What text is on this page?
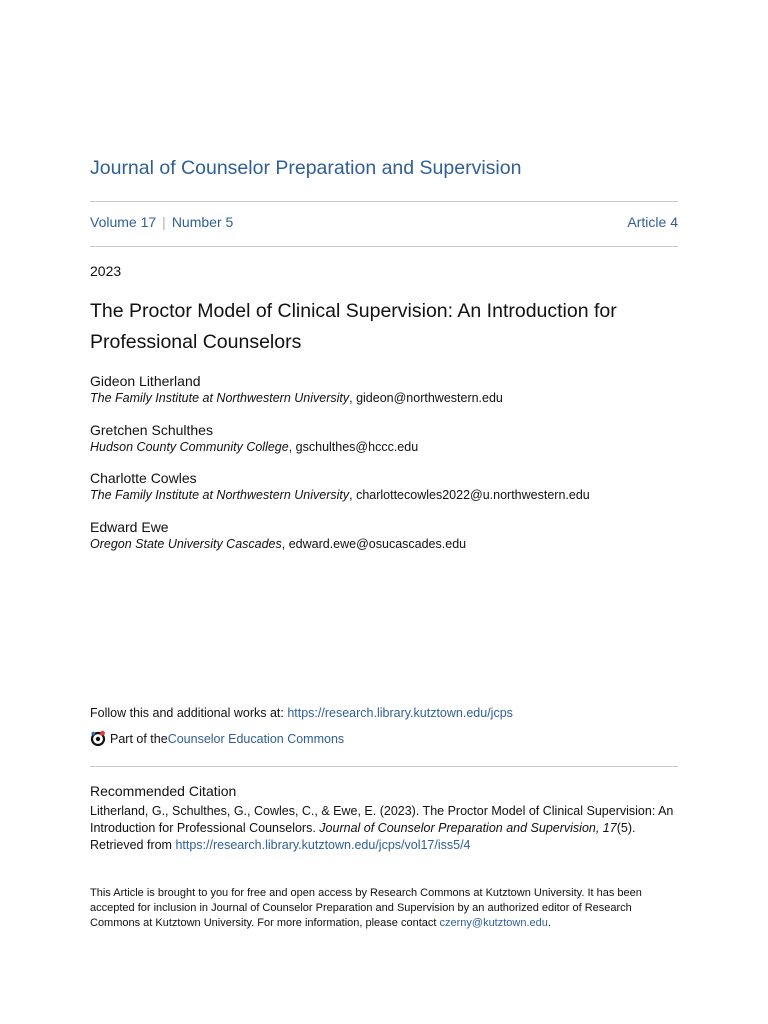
Journal of Counselor Preparation and Supervision
Volume 17 | Number 5	Article 4
2023
The Proctor Model of Clinical Supervision: An Introduction for Professional Counselors
Gideon Litherland
The Family Institute at Northwestern University, gideon@northwestern.edu
Gretchen Schulthes
Hudson County Community College, gschulthes@hccc.edu
Charlotte Cowles
The Family Institute at Northwestern University, charlottecowles2022@u.northwestern.edu
Edward Ewe
Oregon State University Cascades, edward.ewe@osucascades.edu
Follow this and additional works at: https://research.library.kutztown.edu/jcps
Part of the Counselor Education Commons
Recommended Citation
Litherland, G., Schulthes, G., Cowles, C., & Ewe, E. (2023). The Proctor Model of Clinical Supervision: An Introduction for Professional Counselors. Journal of Counselor Preparation and Supervision, 17(5).
Retrieved from https://research.library.kutztown.edu/jcps/vol17/iss5/4
This Article is brought to you for free and open access by Research Commons at Kutztown University. It has been accepted for inclusion in Journal of Counselor Preparation and Supervision by an authorized editor of Research Commons at Kutztown University. For more information, please contact czerny@kutztown.edu.
